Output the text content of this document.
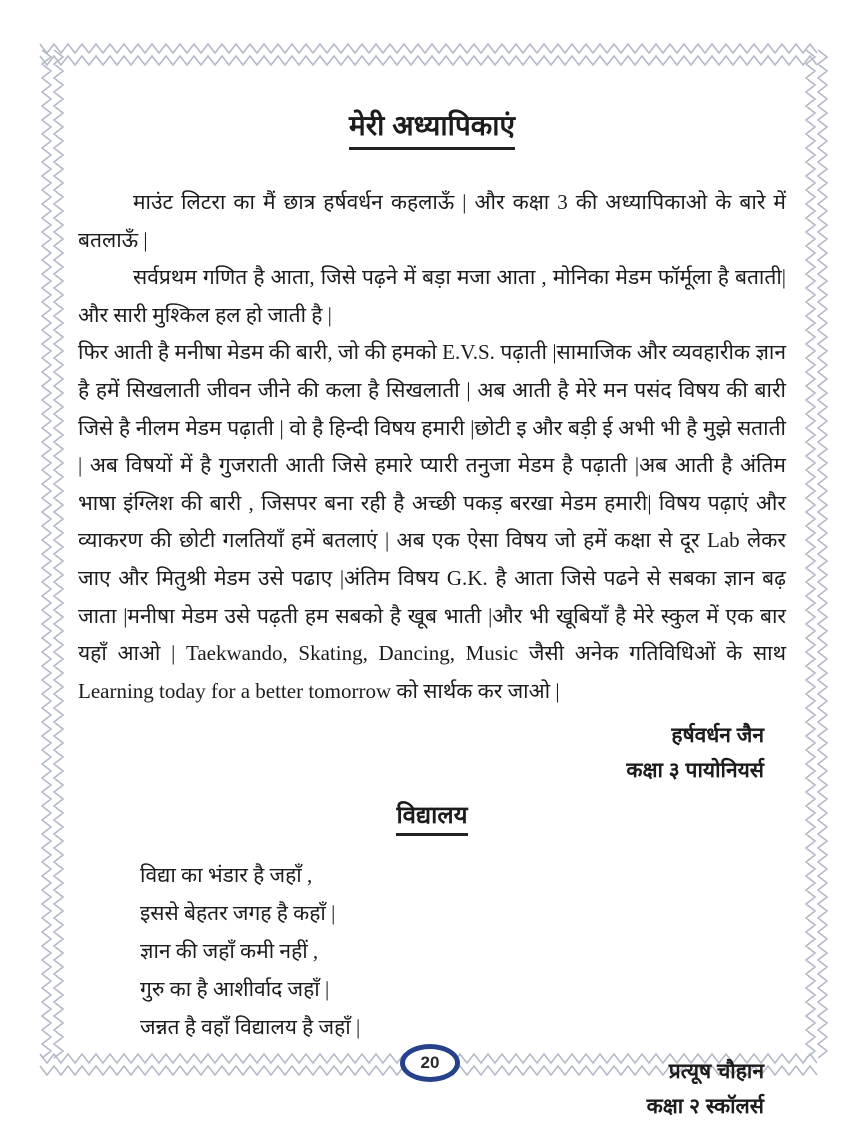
मेरी अध्यापिकाएं

माउंट लिटरा का मैं छात्र हर्षवर्धन कहलाऊँ | और कक्षा 3 की अध्यापिकाओ के बारे में बतलाऊँ |

सर्वप्रथम गणित है आता, जिसे पढ़ने में बड़ा मजा आता , मोनिका मेडम फॉर्मूला है बताती| और सारी मुश्किल हल हो जाती है |

फिर आती है मनीषा मेडम की बारी, जो की हमको E.V.S. पढ़ाती |सामाजिक और व्यवहारीक ज्ञान है हमें सिखलाती जीवन जीने की कला है सिखलाती | अब आती है मेरे मन पसंद विषय की बारी जिसे है नीलम मेडम पढ़ाती | वो है हिन्दी विषय हमारी |छोटी इ और बड़ी ई अभी भी है मुझे सताती | अब विषयों में है गुजराती आती जिसे हमारे प्यारी तनुजा मेडम है पढ़ाती |अब आती है अंतिम भाषा इंग्लिश की बारी , जिसपर बना रही है अच्छी पकड़ बरखा मेडम हमारी| विषय पढ़ाएं और व्याकरण की छोटी गलतियाँ हमें बतलाएं | अब एक ऐसा विषय जो हमें कक्षा से दूर Lab लेकर जाए और मितुश्री मेडम उसे पढाए |अंतिम विषय G.K. है आता जिसे पढने से सबका ज्ञान बढ़ जाता |मनीषा मेडम उसे पढ़ती हम सबको है खूब भाती |और भी खूबियाँ है मेरे स्कुल में एक बार यहाँ आओ | Taekwando, Skating, Dancing, Music जैसी अनेक गतिविधिओं के साथ Learning today for a better tomorrow को सार्थक कर जाओ |

हर्षवर्धन जैन
कक्षा ३ पायोनियर्स
विद्यालय
विद्या का भंडार है जहाँ ,
इससे बेहतर जगह है कहाँ |
ज्ञान की जहाँ कमी नहीं ,
गुरु का है आशीर्वाद जहाँ |
जन्नत है वहाँ विद्यालय है जहाँ |
प्रत्यूष चौहान
कक्षा २ स्कॉलर्स
20
